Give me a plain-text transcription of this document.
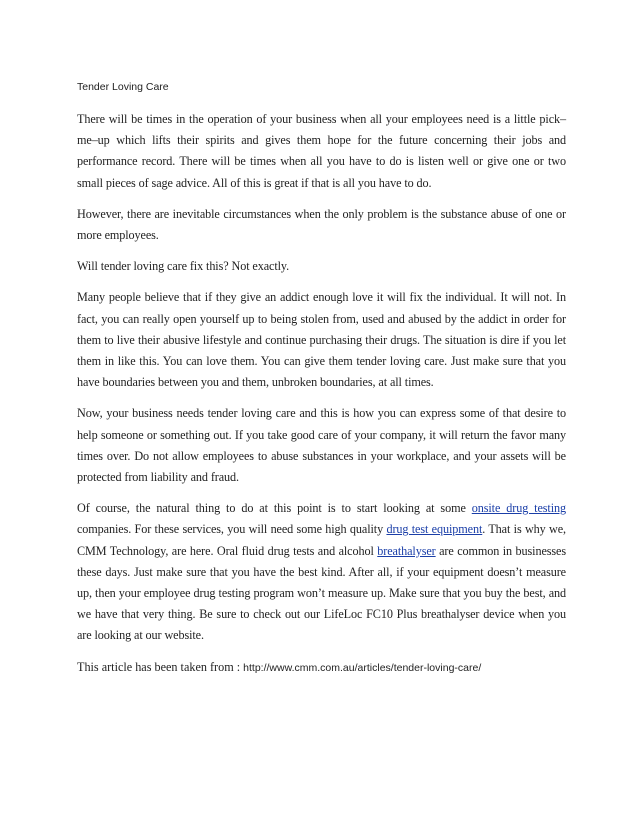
Tender Loving Care

There will be times in the operation of your business when all your employees need is a little pick–me–up which lifts their spirits and gives them hope for the future concerning their jobs and performance record. There will be times when all you have to do is listen well or give one or two small pieces of sage advice. All of this is great if that is all you have to do.

However, there are inevitable circumstances when the only problem is the substance abuse of one or more employees.

Will tender loving care fix this? Not exactly.

Many people believe that if they give an addict enough love it will fix the individual. It will not. In fact, you can really open yourself up to being stolen from, used and abused by the addict in order for them to live their abusive lifestyle and continue purchasing their drugs. The situation is dire if you let them in like this. You can love them. You can give them tender loving care. Just make sure that you have boundaries between you and them, unbroken boundaries, at all times.

Now, your business needs tender loving care and this is how you can express some of that desire to help someone or something out. If you take good care of your company, it will return the favor many times over. Do not allow employees to abuse substances in your workplace, and your assets will be protected from liability and fraud.

Of course, the natural thing to do at this point is to start looking at some onsite drug testing companies. For these services, you will need some high quality drug test equipment. That is why we, CMM Technology, are here. Oral fluid drug tests and alcohol breathalyser are common in businesses these days. Just make sure that you have the best kind. After all, if your equipment doesn’t measure up, then your employee drug testing program won’t measure up. Make sure that you buy the best, and we have that very thing. Be sure to check out our LifeLoc FC10 Plus breathalyser device when you are looking at our website.

This article has been taken from : http://www.cmm.com.au/articles/tender-loving-care/
